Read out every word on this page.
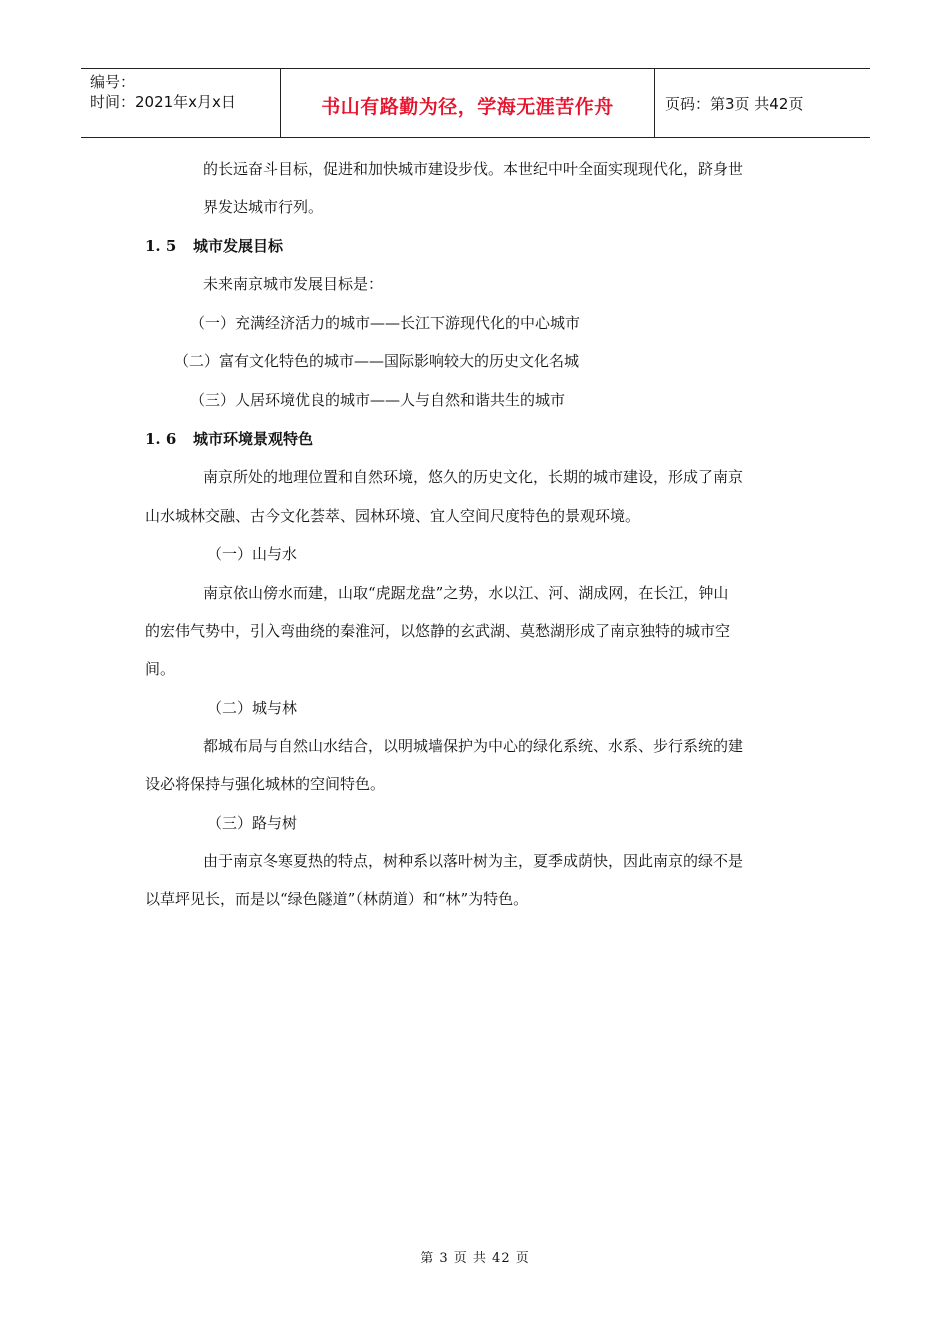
编号：
时间：2021年x月x日	书山有路勤为径，学海无涯苦作舟	页码：第3页 共42页
的长远奋斗目标，促进和加快城市建设步伐。本世纪中叶全面实现现代化，跻身世
界发达城市行列。
1. 5 城市发展目标
未来南京城市发展目标是：
（一）充满经济活力的城市——长江下游现代化的中心城市
（二）富有文化特色的城市——国际影响较大的历史文化名城
（三）人居环境优良的城市——人与自然和谐共生的城市
1. 6 城市环境景观特色
南京所处的地理位置和自然环境，悠久的历史文化，长期的城市建设，形成了南京
山水城林交融、古今文化荟萃、园林环境、宜人空间尺度特色的景观环境。
（一）山与水
南京依山傍水而建，山取“虎踞龙盘”之势，水以江、河、湖成网，在长江，钟山
的宏伟气势中，引入弯曲绕的秦淮河，以悠静的玄武湖、莫愁湖形成了南京独特的城市空
间。
（二）城与林
都城布局与自然山水结合，以明城墙保护为中心的绿化系统、水系、步行系统的建
设必将保持与强化城林的空间特色。
（三）路与树
由于南京冬寒夏热的特点，树种系以落叶树为主，夏季成荫快，因此南京的绿不是
以草坪见长，而是以“绿色隧道”（林荫道）和“林”为特色。
第 3 页 共 42 页
